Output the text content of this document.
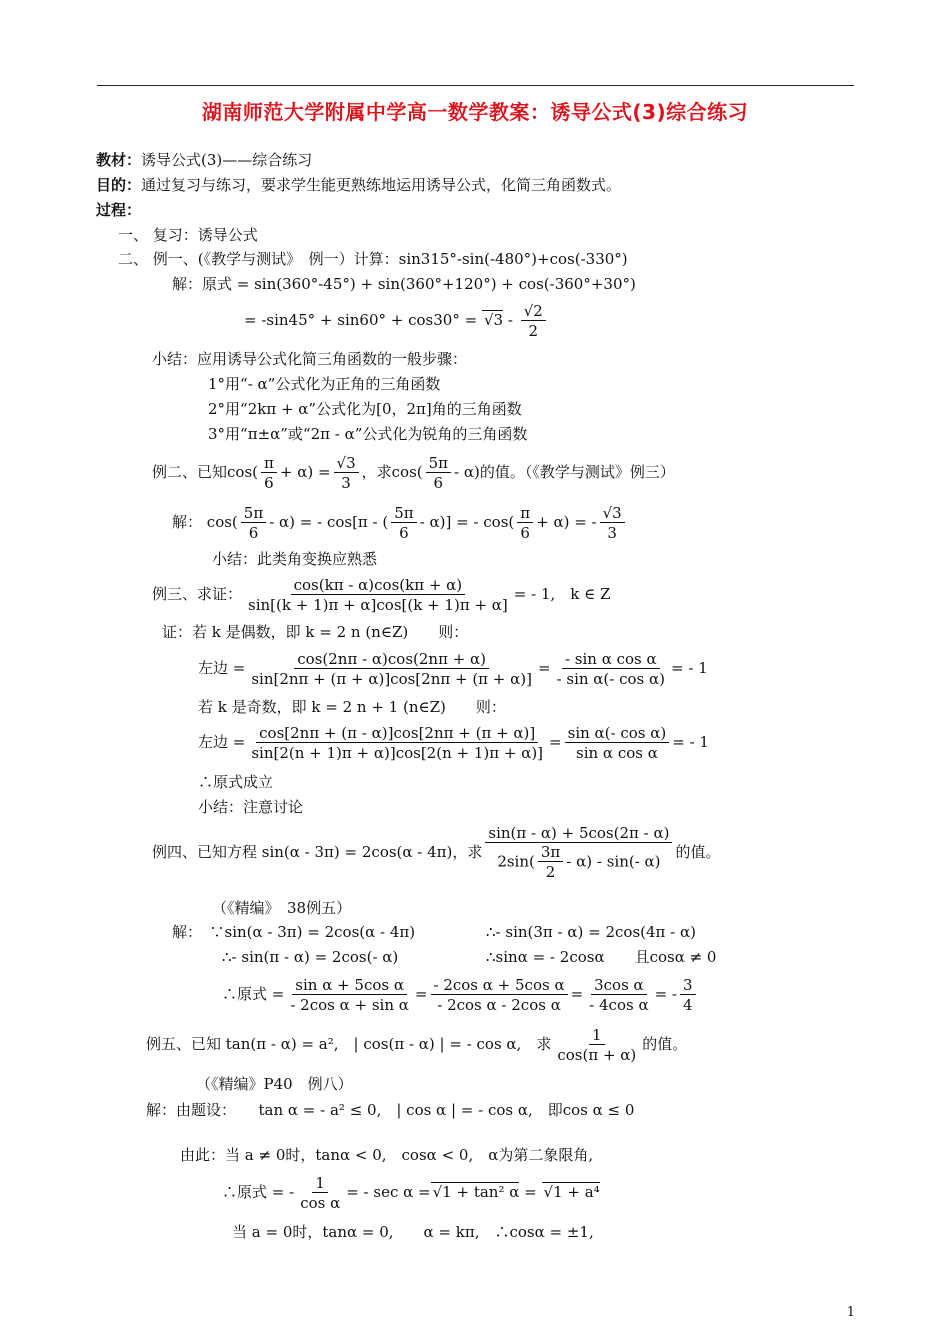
湖南师范大学附属中学高一数学教案：诱导公式(3)综合练习
教材：诱导公式(3)——综合练习
目的：通过复习与练习，要求学生能更熟练地运用诱导公式，化简三角函数式。
过程：
一、 复习：诱导公式
二、 例一、(《教学与测试》　例一）计算：sin315°-sin(-480°)+cos(-330°)
解：原式 = sin(360°-45°) + sin(360°+120°) + cos(-360°+30°)
= -sin45° + sin60° + cos30° = √ $3 - \frac{√2}{2}$
小结：应用诱导公式化简三角函数的一般步骤：
1°用“- α”公式化为正角的三角函数
2°用“2kπ + α”公式化为[0，2π]角的三角函数
3°用“π±α”或“2π - α”公式化为锐角的三角函数
例二、已知$\cos( \frac{\pi}{6} + \alpha) = \frac{√3}{3}$ ，求$\cos( \frac{5\pi}{6} - \alpha)$的值。（《教学与测试》例三）
解： $\cos( \frac{5\pi}{6} - \alpha)$ = - cos[π - ( $\frac{5\pi}{6} - \alpha$)] = - $\cos( \frac{\pi}{6} + \alpha)$ = - $\frac{√3}{3}$
小结：此类角变换应熟悉
例三、求证： $\frac{\cos(k\pi - \alpha)\cos(k\pi + \alpha)}{\sin[(k + 1)\pi + \alpha]\cos[(k + 1)\pi + \alpha]}$ = - 1,　k ∈ Z
证：若 k 是偶数，即 k = 2 n (n∈Z)　　则：
左边 = $\frac{\cos(2n\pi - \alpha)\cos(2n\pi + \alpha)}{\sin[2n\pi + (\pi + \alpha)]\cos[2n\pi + (\pi + \alpha)]} = \frac{\text{- sin α cos α}}{\text{- sin α(- cos α)}}$ = - 1
若 k 是奇数，即 k = 2 n + 1 (n∈Z)　　则：
左边 = $\frac{\cos[2n\pi + (\pi - \alpha)]\cos[2n\pi + (\pi + \alpha)]}{\sin[2(n + 1)\pi + \alpha)]\cos[2(n + 1)\pi + \alpha)]} = \frac{\text{sin α(- cos α)}}{\text{sin α cos α}}$ = - 1
∴原式成立
小结：注意讨论
例四、已知方程 sin(α - 3π) = 2cos(α - 4π)，求 $\frac{\sin(\pi - \alpha) + 5\cos(2\pi - \alpha)}{2\sin( \frac{3\pi}{2} - \alpha) - \sin(- \alpha)}$ 的值。
（《精编》　38例五）
解：　∵sin(α - 3π) = 2cos(α - 4π)	∴- sin(3π - α) = 2cos(4π - α)
∴- sin(π - α) = 2cos(- α)	∴sinα = - 2cosα　　且cosα ≠ 0
∴原式 = $\frac{\text{sin α + 5cos α}}{\text{- 2cos α + sin α}} = \frac{\text{- 2cos α + 5cos α}}{\text{- 2cos α - 2cos α}} = \frac{\text{3cos α}}{\text{- 4cos α}}$ = - $\frac{3}{4}$
例五、已知 tan(π - α) = a²,　| cos(π - α) | = - cos α,　求 $\frac{1}{\cos(\pi + \alpha)}$ 的值。
（《精编》P40　例八）
解：由题设：　　tan α = - a² ≤ 0,　| cos α | = - cos α,　即cos α ≤ 0
由此：当 a ≠ 0时，tanα < 0,　cosα < 0,　α为第二象限角,
∴原式 = - $\frac{1}{\text{cos α}}$ = - sec α = √ 1 + tan² α = √ 1 + a⁴
当 a = 0时，tanα = 0,　　α = kπ,　∴cosα = ±1,
1
